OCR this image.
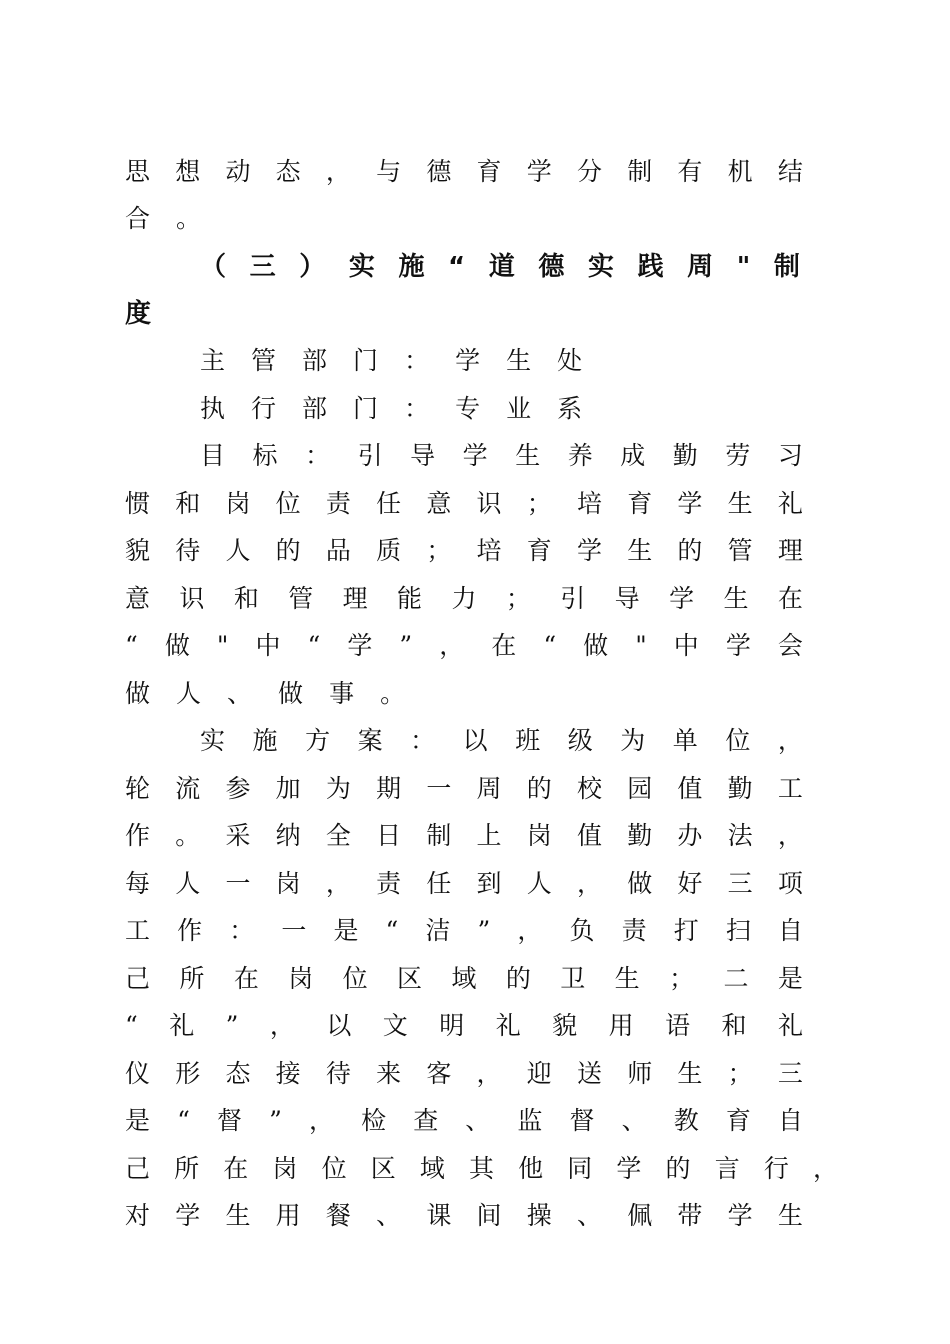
思 想 动 态 ， 与 德 育 学 分 制 有 机 结
合 。
（ 三 ） 实 施 “ 道 德 实 践 周 " 制
度
主 管 部 门 ： 学 生 处
执 行 部 门 ： 专 业 系
目 标 ： 引 导 学 生 养 成 勤 劳 习
惯 和 岗 位 责 任 意 识 ； 培 育 学 生 礼
貌 待 人 的 品 质 ； 培 育 学 生 的 管 理
意 识 和 管 理 能 力 ； 引 导 学 生 在
“ 做 " 中 “ 学 ” ， 在 “ 做 " 中 学 会
做 人 、 做 事 。
实 施 方 案 ： 以 班 级 为 单 位 ，
轮 流 参 加 为 期 一 周 的 校 园 值 勤 工
作 。 采 纳 全 日 制 上 岗 值 勤 办 法 ，
每 人 一 岗 ， 责 任 到 人 ， 做 好 三 项
工 作 ： 一 是 “ 洁 ” ， 负 责 打 扫 自
己 所 在 岗 位 区 域 的 卫 生 ； 二 是
“ 礼 ” ， 以 文 明 礼 貌 用 语 和 礼
仪 形 态 接 待 来 客 ， 迎 送 师 生 ； 三
是 “ 督 ” ， 检 查 、 监 督 、 教 育 自
己 所 在 岗 位 区 域 其 他 同 学 的 言 行 ，
对 学 生 用 餐 、 课 间 操 、 佩 带 学 生
